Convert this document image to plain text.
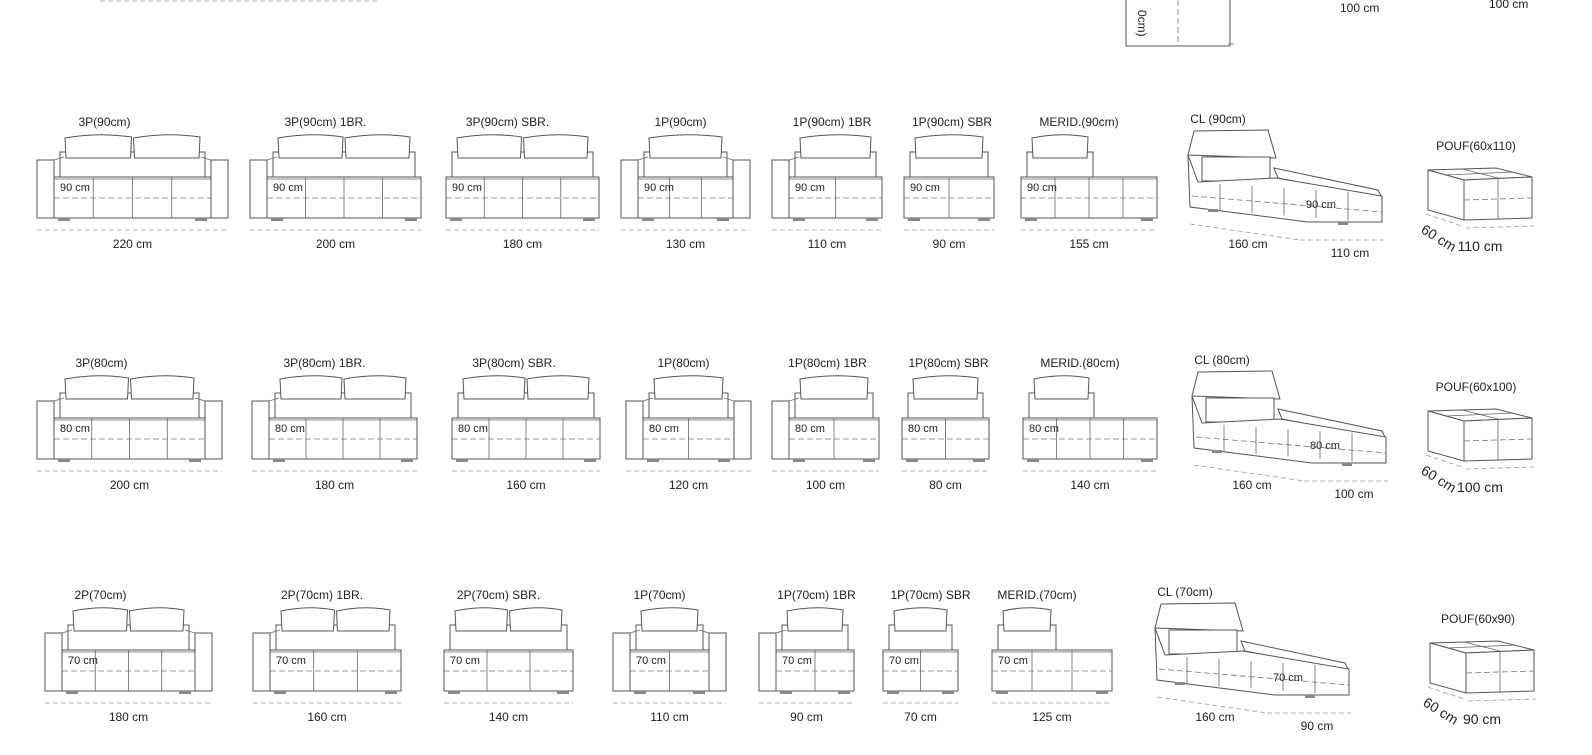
0cm)
100 cm	100 cm
3P(90cm)
90 cm
220 cm
3P(90cm) 1BR.
90 cm
200 cm
3P(90cm) SBR.
90 cm
180 cm
1P(90cm)
90 cm
130 cm
1P(90cm) 1BR
90 cm
110 cm
1P(90cm) SBR
90 cm
90 cm
MERID.(90cm)
90 cm
155 cm
CL (90cm)
90 cm
160 cm
110 cm
POUF(60x110)
60 cm
110 cm
3P(80cm)
80 cm
200 cm
3P(80cm) 1BR.
80 cm
180 cm
3P(80cm) SBR.
80 cm
160 cm
1P(80cm)
80 cm
120 cm
1P(80cm) 1BR
80 cm
100 cm
1P(80cm) SBR
80 cm
80 cm
MERID.(80cm)
80 cm
140 cm
CL (80cm)
80 cm
160 cm
100 cm
POUF(60x100)
60 cm
100 cm
2P(70cm)
70 cm
180 cm
2P(70cm) 1BR.
70 cm
160 cm
2P(70cm) SBR.
70 cm
140 cm
1P(70cm)
70 cm
110 cm
1P(70cm) 1BR
70 cm
90 cm
1P(70cm) SBR
70 cm
70 cm
MERID.(70cm)
70 cm
125 cm
CL (70cm)
70 cm
160 cm
90 cm
POUF(60x90)
60 cm 90 cm
